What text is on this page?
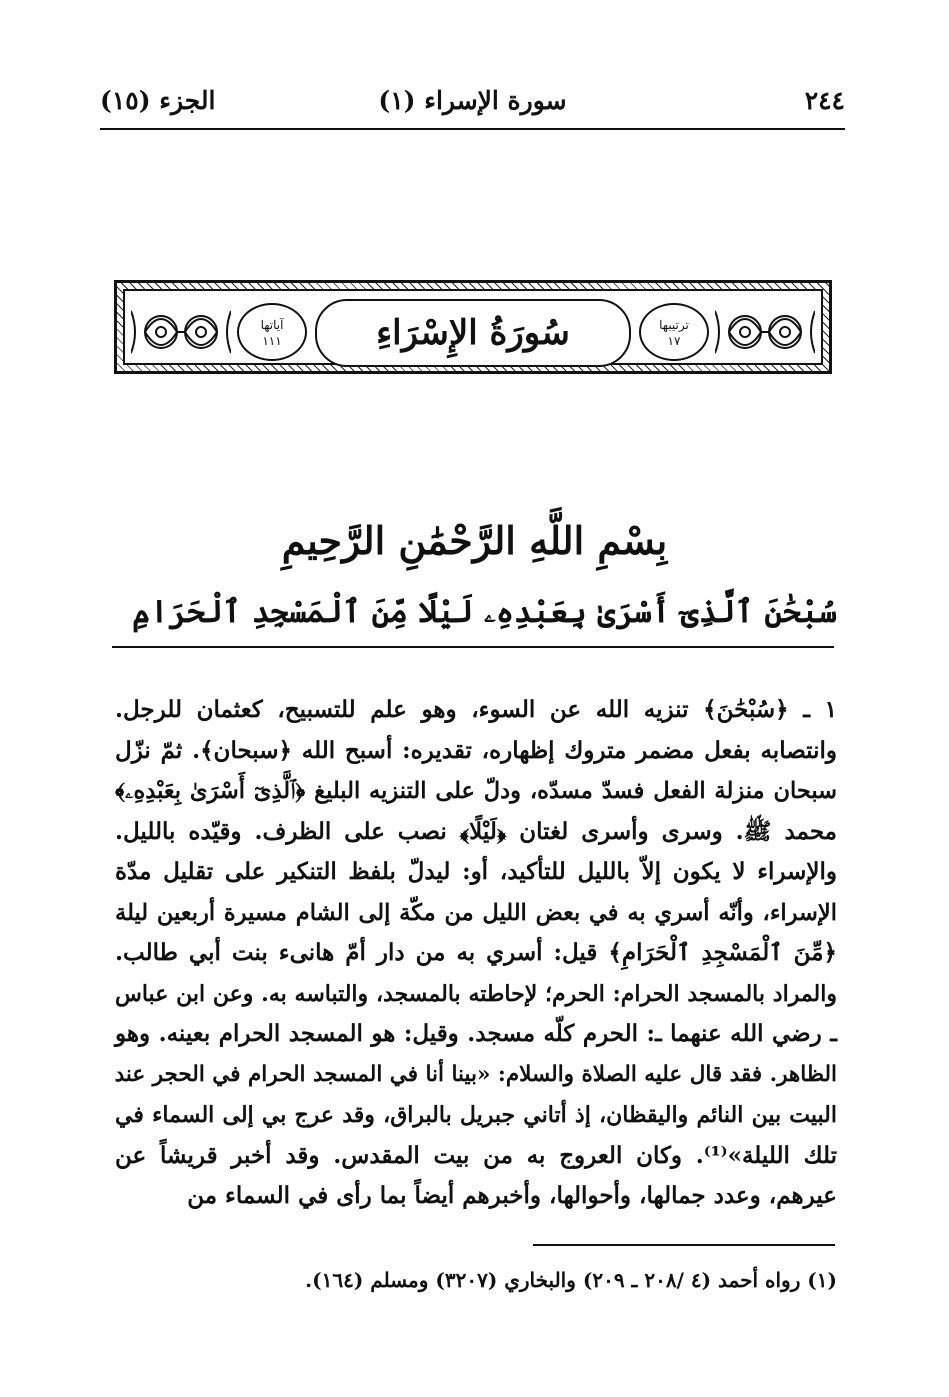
٢٤٤
سورة الإسراء (١)
الجزء (١٥)
ترتيبها
١٧
آياتها
١١١	سُورَةُ الإِسْرَاءِ
بِسْمِ اللَّهِ الرَّحْمَٰنِ الرَّحِيمِ
سُبْحَٰنَ ٱلَّذِىٓ أَسْرَىٰ بِعَبْدِهِۦ لَيْلًا مِّنَ ٱلْمَسْجِدِ ٱلْحَرَامِ
١ ـ ﴿سُبْحَٰنَ﴾ تنزيه الله عن السوء، وهو علم للتسبيح، كعثمان للرجل.
وانتصابه بفعل مضمر متروك إظهاره، تقديره: أسبح الله ﴿سبحان﴾. ثمّ نزّل
سبحان منزلة الفعل فسدّ مسدّه، ودلّ على التنزيه البليغ ﴿ٱلَّذِىٓ أَسْرَىٰ بِعَبْدِهِۦ﴾
محمد ﷺ. وسرى وأسرى لغتان ﴿لَيْلًا﴾ نصب على الظرف. وقيّده بالليل.
والإسراء لا يكون إلاّ بالليل للتأكيد، أو: ليدلّ بلفظ التنكير على تقليل مدّة
الإسراء، وأنّه أسري به في بعض الليل من مكّة إلى الشام مسيرة أربعين ليلة
﴿مِّنَ ٱلْمَسْجِدِ ٱلْحَرَامِ﴾ قيل: أسري به من دار أمّ هانىء بنت أبي طالب.
والمراد بالمسجد الحرام: الحرم؛ لإحاطته بالمسجد، والتباسه به. وعن ابن عباس
ـ رضي الله عنهما ـ: الحرم كلّه مسجد. وقيل: هو المسجد الحرام بعينه. وهو
الظاهر. فقد قال عليه الصلاة والسلام: «بينا أنا في المسجد الحرام في الحجر عند
البيت بين النائم واليقظان، إذ أتاني جبريل بالبراق، وقد عرج بي إلى السماء في
تلك الليلة»⁽¹⁾. وكان العروج به من بيت المقدس. وقد أخبر قريشاً عن
عيرهم، وعدد جمالها، وأحوالها، وأخبرهم أيضاً بما رأى في السماء من
(١) رواه أحمد (٤ /٢٠٨ ـ ٢٠٩) والبخاري (٣٢٠٧) ومسلم (١٦٤).
